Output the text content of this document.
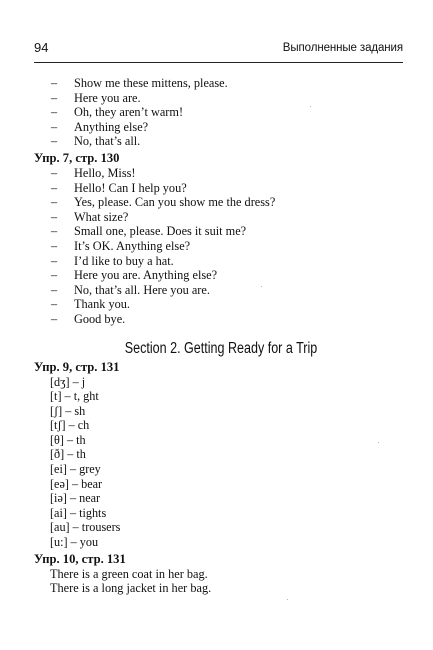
94	Выполненные задания
–	Show me these mittens, please.
–	Here you are.
–	Oh, they aren’t warm!
–	Anything else?
–	No, that’s all.
Упр. 7, стр. 130
–	Hello, Miss!
–	Hello! Can I help you?
–	Yes, please. Can you show me the dress?
–	What size?
–	Small one, please. Does it suit me?
–	It’s OK. Anything else?
–	I’d like to buy a hat.
–	Here you are. Anything else?
–	No, that’s all. Here you are.
–	Thank you.
–	Good bye.
Section 2. Getting Ready for a Trip
Упр. 9, стр. 131
[dʒ] – j
[t] – t, ght
[ʃ] – sh
[tʃ] – ch
[θ] – th
[ð] – th
[ei] – grey
[eə] – bear
[iə] – near
[ai] – tights
[au] – trousers
[u:] – you
Упр. 10, стр. 131
There is a green coat in her bag.
There is a long jacket in her bag.
